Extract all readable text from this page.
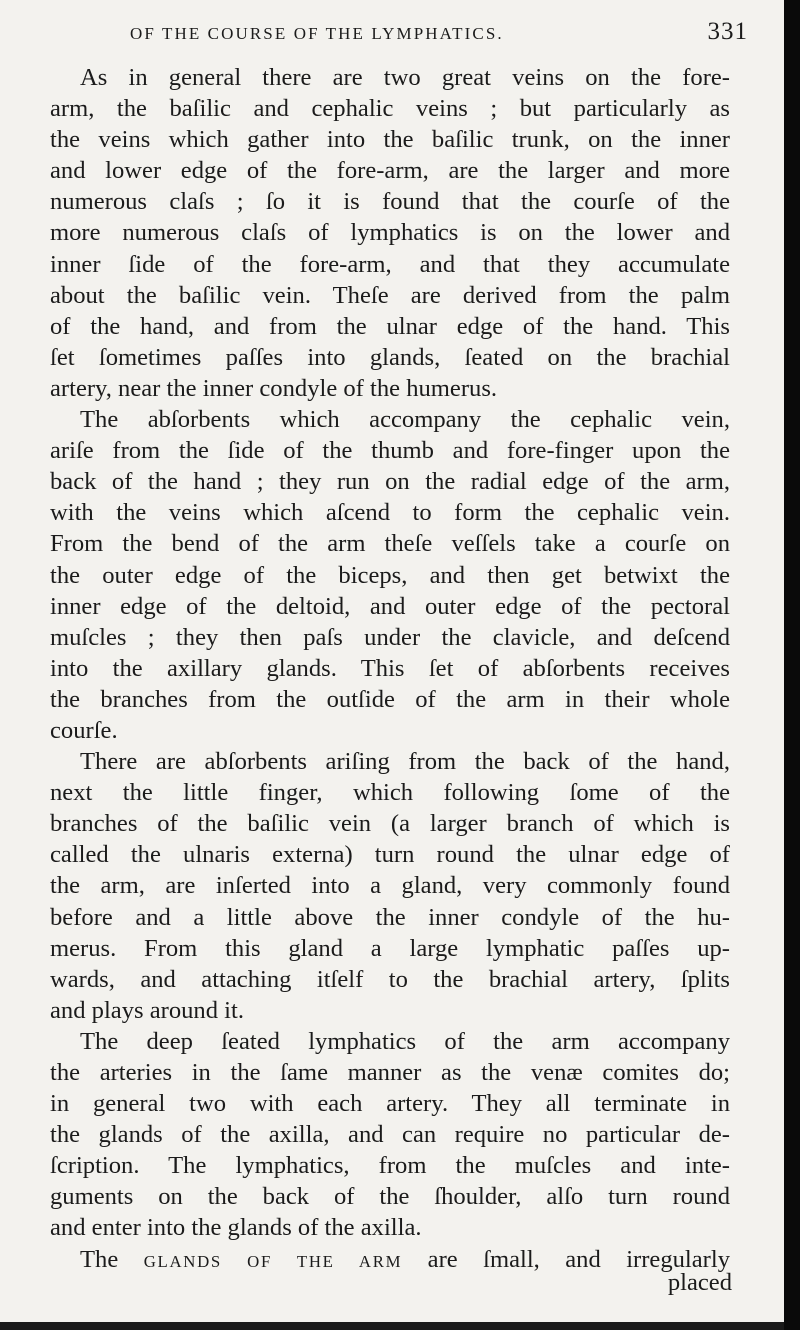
OF THE COURSE OF THE LYMPHATICS.	331
As in general there are two great veins on the fore-
arm, the baſilic and cephalic veins ; but particularly as
the veins which gather into the baſilic trunk, on the inner
and lower edge of the fore-arm, are the larger and more
numerous claſs ; ſo it is found that the courſe of the
more numerous claſs of lymphatics is on the lower and
inner ſide of the fore-arm, and that they accumulate
about the baſilic vein. Theſe are derived from the palm
of the hand, and from the ulnar edge of the hand. This
ſet ſometimes paſſes into glands, ſeated on the brachial
artery, near the inner condyle of the humerus.
The abſorbents which accompany the cephalic vein,
ariſe from the ſide of the thumb and fore-finger upon the
back of the hand ; they run on the radial edge of the arm,
with the veins which aſcend to form the cephalic vein.
From the bend of the arm theſe veſſels take a courſe on
the outer edge of the biceps, and then get betwixt the
inner edge of the deltoid, and outer edge of the pectoral
muſcles ; they then paſs under the clavicle, and deſcend
into the axillary glands. This ſet of abſorbents receives
the branches from the outſide of the arm in their whole
courſe.
There are abſorbents ariſing from the back of the hand,
next the little finger, which following ſome of the
branches of the baſilic vein (a larger branch of which is
called the ulnaris externa) turn round the ulnar edge of
the arm, are inſerted into a gland, very commonly found
before and a little above the inner condyle of the hu-
merus. From this gland a large lymphatic paſſes up-
wards, and attaching itſelf to the brachial artery, ſplits
and plays around it.
The deep ſeated lymphatics of the arm accompany
the arteries in the ſame manner as the venæ comites do;
in general two with each artery. They all terminate in
the glands of the axilla, and can require no particular de-
ſcription. The lymphatics, from the muſcles and inte-
guments on the back of the ſhoulder, alſo turn round
and enter into the glands of the axilla.
The GLANDS OF THE ARM are ſmall, and irregularly
placed
